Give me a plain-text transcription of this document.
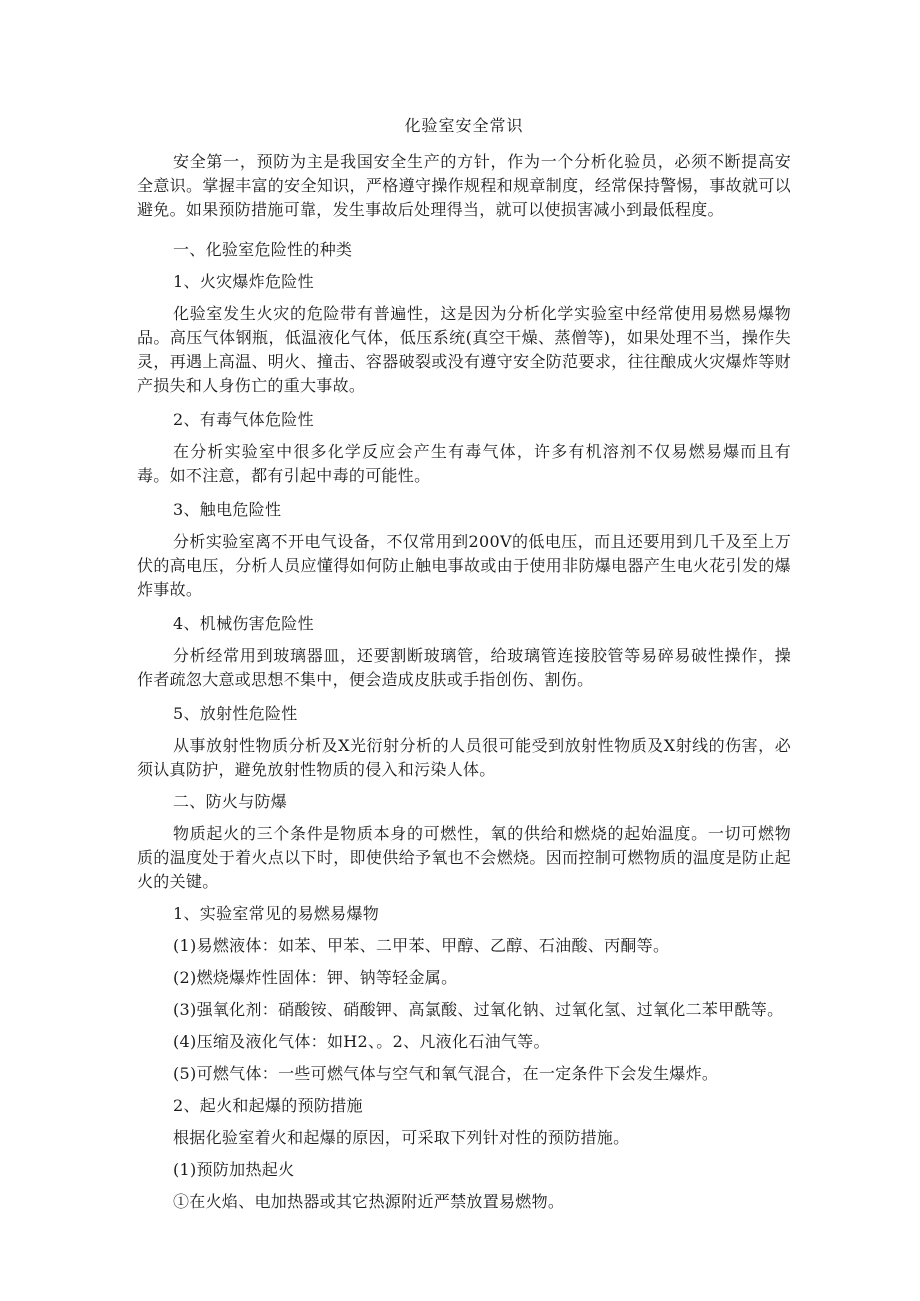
化验室安全常识
安全第一，预防为主是我国安全生产的方针，作为一个分析化验员，必须不断提高安全意识。掌握丰富的安全知识，严格遵守操作规程和规章制度，经常保持警惕，事故就可以避免。如果预防措施可靠，发生事故后处理得当，就可以使损害减小到最低程度。
一、化验室危险性的种类
1、火灾爆炸危险性
化验室发生火灾的危险带有普遍性，这是因为分析化学实验室中经常使用易燃易爆物品。高压气体钢瓶，低温液化气体，低压系统(真空干燥、蒸僧等)，如果处理不当，操作失灵，再遇上高温、明火、撞击、容器破裂或没有遵守安全防范要求，往往酿成火灾爆炸等财产损失和人身伤亡的重大事故。
2、有毒气体危险性
在分析实验室中很多化学反应会产生有毒气体，许多有机溶剂不仅易燃易爆而且有毒。如不注意，都有引起中毒的可能性。
3、触电危险性
分析实验室离不开电气设备，不仅常用到200V的低电压，而且还要用到几千及至上万伏的高电压，分析人员应懂得如何防止触电事故或由于使用非防爆电器产生电火花引发的爆炸事故。
4、机械伤害危险性
分析经常用到玻璃器皿，还要割断玻璃管，给玻璃管连接胶管等易碎易破性操作，操作者疏忽大意或思想不集中，便会造成皮肤或手指创伤、割伤。
5、放射性危险性
从事放射性物质分析及X光衍射分析的人员很可能受到放射性物质及X射线的伤害，必须认真防护，避免放射性物质的侵入和污染人体。
二、防火与防爆
物质起火的三个条件是物质本身的可燃性，氧的供给和燃烧的起始温度。一切可燃物质的温度处于着火点以下时，即使供给予氧也不会燃烧。因而控制可燃物质的温度是防止起火的关键。
1、实验室常见的易燃易爆物
(1)易燃液体：如苯、甲苯、二甲苯、甲醇、乙醇、石油酸、丙酮等。
(2)燃烧爆炸性固体：钾、钠等轻金属。
(3)强氧化剂：硝酸铵、硝酸钾、高氯酸、过氧化钠、过氧化氢、过氧化二苯甲酰等。
(4)压缩及液化气体：如H2、。2、凡液化石油气等。
(5)可燃气体：一些可燃气体与空气和氧气混合，在一定条件下会发生爆炸。
2、起火和起爆的预防措施
根据化验室着火和起爆的原因，可采取下列针对性的预防措施。
(1)预防加热起火
①在火焰、电加热器或其它热源附近严禁放置易燃物。
